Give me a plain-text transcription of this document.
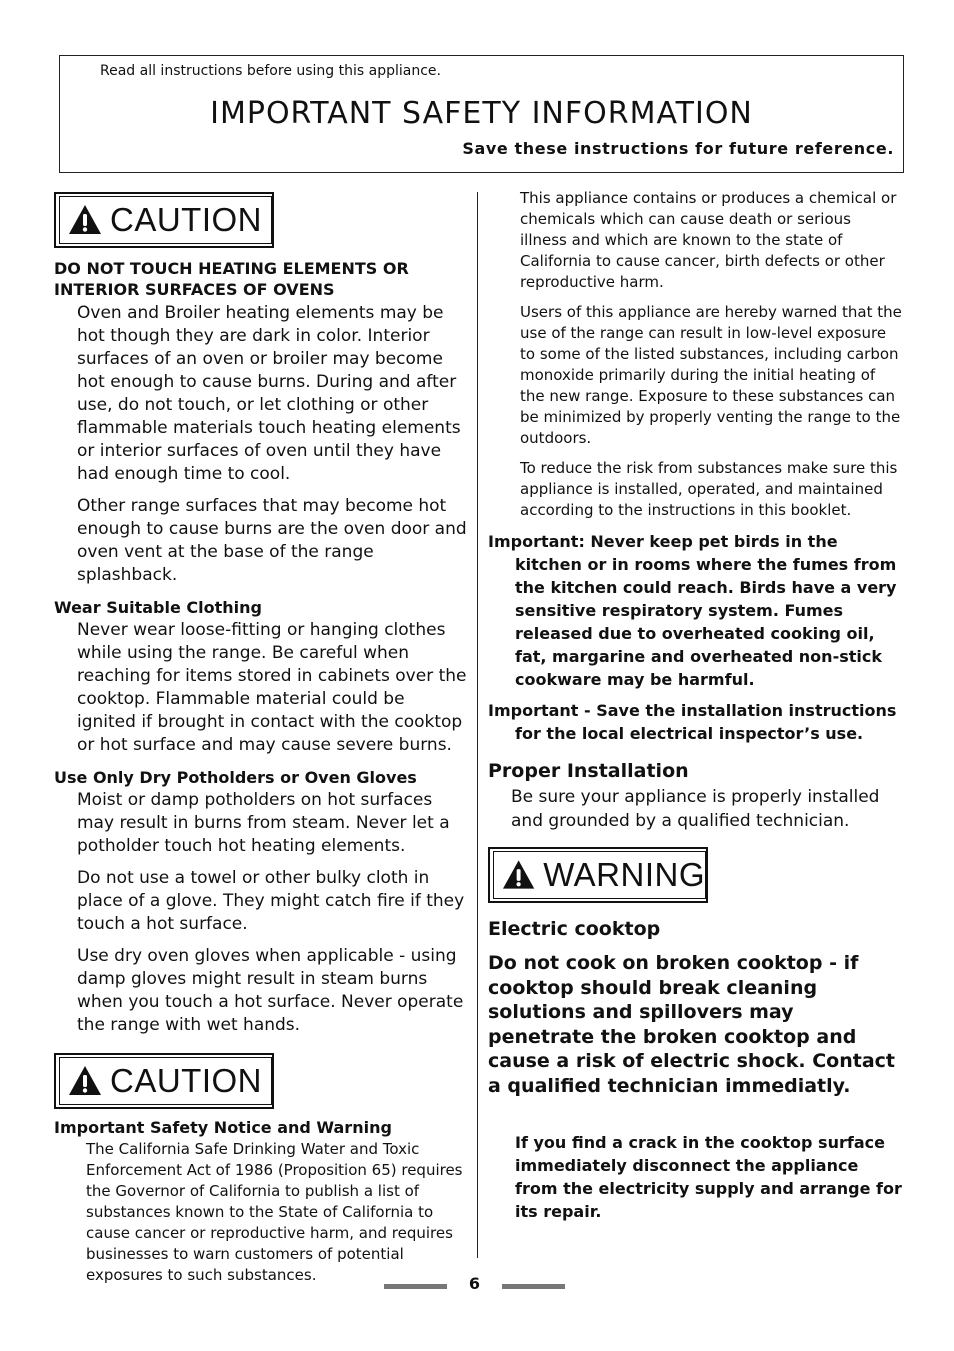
Read all instructions before using this appliance.
IMPORTANT SAFETY INFORMATION
Save these instructions for future reference.
CAUTION
DO NOT TOUCH HEATING ELEMENTS OR INTERIOR SURFACES OF OVENS

Oven and Broiler heating elements may be hot though they are dark in color. Interior surfaces of an oven or broiler may become hot enough to cause burns. During and after use, do not touch, or let clothing or other flammable materials touch heating elements or interior surfaces of oven until they have had enough time to cool.

Other range surfaces that may become hot enough to cause burns are the oven door and oven vent at the base of the range splashback.

Wear Suitable Clothing

Never wear loose-fitting or hanging clothes while using the range. Be careful when reaching for items stored in cabinets over the cooktop. Flammable material could be ignited if brought in contact with the cooktop or hot surface and may cause severe burns.

Use Only Dry Potholders or Oven Gloves

Moist or damp potholders on hot surfaces may result in burns from steam. Never let a potholder touch hot heating elements.

Do not use a towel or other bulky cloth in place of a glove. They might catch fire if they touch a hot surface.

Use dry oven gloves when applicable - using damp gloves might result in steam burns when you touch a hot surface. Never operate the range with wet hands.

CAUTION
Important Safety Notice and Warning

The California Safe Drinking Water and Toxic Enforcement Act of 1986 (Proposition 65) requires the Governor of California to publish a list of substances known to the State of California to cause cancer or reproductive harm, and requires businesses to warn customers of potential exposures to such substances.

This appliance contains or produces a chemical or chemicals which can cause death or serious illness and which are known to the state of California to cause cancer, birth defects or other reproductive harm.

Users of this appliance are hereby warned that the use of the range can result in low-level exposure to some of the listed substances, including carbon monoxide primarily during the initial heating of the new range. Exposure to these substances can be minimized by properly venting the range to the outdoors.

To reduce the risk from substances make sure this appliance is installed, operated, and maintained according to the instructions in this booklet.

Important: Never keep pet birds in the kitchen or in rooms where the fumes from the kitchen could reach. Birds have a very sensitive respiratory system. Fumes released due to overheated cooking oil, fat, margarine and overheated non-stick cookware may be harmful.

Important - Save the installation instructions for the local electrical inspector’s use.

Proper Installation

Be sure your appliance is properly installed and grounded by a qualified technician.

WARNING
Electric cooktop

Do not cook on broken cooktop - if cooktop should break cleaning solutions and spillovers may penetrate the broken cooktop and cause a risk of electric shock. Contact a qualified technician immediatly.

If you find a crack in the cooktop surface immediately disconnect the appliance from the electricity supply and arrange for its repair.

6
